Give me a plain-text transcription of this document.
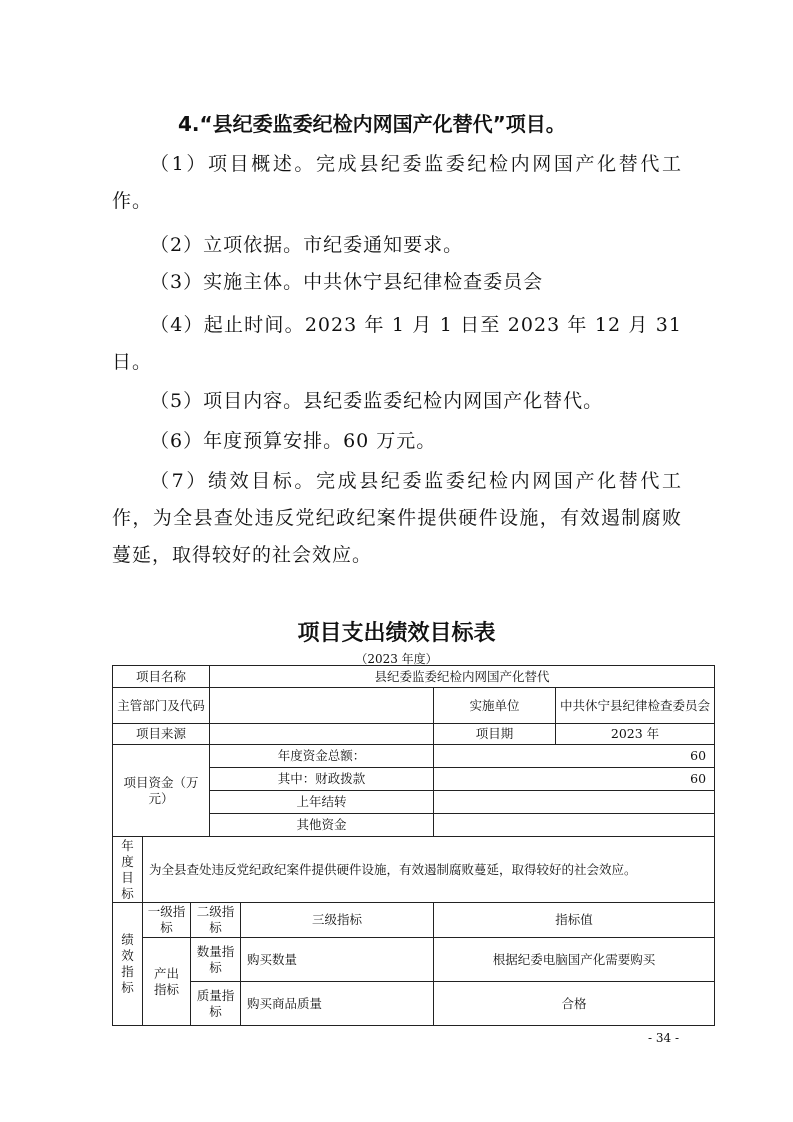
4.“县纪委监委纪检内网国产化替代”项目。
（1）项目概述。完成县纪委监委纪检内网国产化替代工作。
（2）立项依据。市纪委通知要求。
（3）实施主体。中共休宁县纪律检查委员会
（4）起止时间。2023 年 1 月 1 日至 2023 年 12 月 31 日。
（5）项目内容。县纪委监委纪检内网国产化替代。
（6）年度预算安排。60 万元。
（7）绩效目标。完成县纪委监委纪检内网国产化替代工作，为全县查处违反党纪政纪案件提供硬件设施，有效遏制腐败蔓延，取得较好的社会效应。
项目支出绩效目标表
（2023 年度）
项目名称			县纪委监委纪检内网国产化替代			
主管部门及代码					实施单位	中共休宁县纪律检查委员会
项目来源					项目期	2023 年
项目资金（万元）			年度资金总额：		60	
			其中：财政拨款		60	
			上年结转			
			其他资金			
年度目标	为全县查处违反党纪政纪案件提供硬件设施，有效遏制腐败蔓延，取得较好的社会效应。					
绩效指标	一级指标	二级指标		三级指标	指标值	
	产出指标	数量指标		购买数量	根据纪委电脑国产化需要购买	
		质量指标		购买商品质量	合格	
- 34 -
